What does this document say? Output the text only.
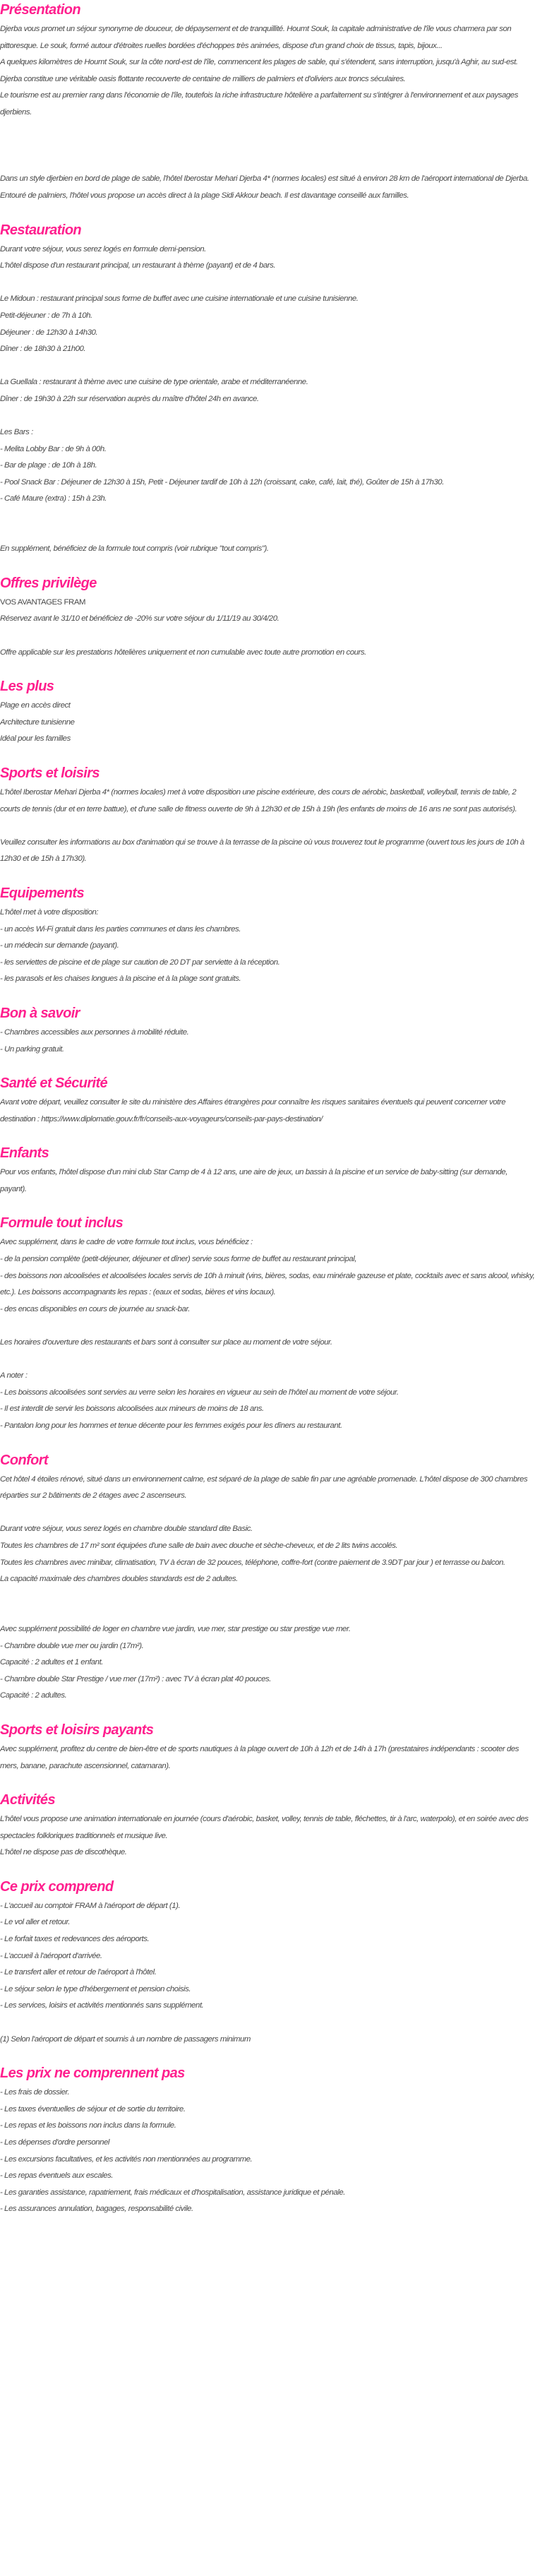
Présentation

Djerba vous promet un séjour synonyme de douceur, de dépaysement et de tranquillité. Houmt Souk, la capitale administrative de l'île vous charmera par son pittoresque. Le souk, formé autour d'étroites ruelles bordées d'échoppes très animées, dispose d'un grand choix de tissus, tapis, bijoux...

A quelques kilomètres de Houmt Souk, sur la côte nord-est de l'île, commencent les plages de sable, qui s'étendent, sans interruption, jusqu'à Aghir, au sud-est.

Djerba constitue une véritable oasis flottante recouverte de centaine de milliers de palmiers et d'oliviers aux troncs séculaires.

Le tourisme est au premier rang dans l'économie de l'île, toutefois la riche infrastructure hôtelière a parfaitement su s'intégrer à l'environnement et aux paysages djerbiens.

Dans un style djerbien en bord de plage de sable, l'hôtel Iberostar Mehari Djerba 4* (normes locales) est situé à environ 28 km de l'aéroport international de Djerba. Entouré de palmiers, l'hôtel vous propose un accès direct à la plage Sidi Akkour beach. Il est davantage conseillé aux familles.

Restauration

Durant votre séjour, vous serez logés en formule demi-pension.

L'hôtel dispose d'un restaurant principal, un restaurant à thème (payant) et de 4 bars.

Le Midoun : restaurant principal sous forme de buffet avec une cuisine internationale et une cuisine tunisienne.

Petit-déjeuner : de 7h à 10h.

Déjeuner : de 12h30 à 14h30.

Dîner : de 18h30 à 21h00.

La Guellala : restaurant à thème avec une cuisine de type orientale, arabe et méditerranéenne.

Dîner : de 19h30 à 22h sur réservation auprès du maître d'hôtel 24h en avance.

Les Bars :

- Melita Lobby Bar : de 9h à 00h.

- Bar de plage : de 10h à 18h.

- Pool Snack Bar : Déjeuner de 12h30 à 15h, Petit - Déjeuner tardif de 10h à 12h (croissant, cake, café, lait, thé), Goûter de 15h à 17h30.

- Café Maure (extra) : 15h à 23h.

En supplément, bénéficiez de la formule tout compris (voir rubrique "tout compris").

Offres privilège

VOS AVANTAGES FRAM

Réservez avant le 31/10 et bénéficiez de -20% sur votre séjour du 1/11/19 au 30/4/20.

Offre applicable sur les prestations hôtelières uniquement et non cumulable avec toute autre promotion en cours.

Les plus

Plage en accès direct

Architecture tunisienne

Idéal pour les familles

Sports et loisirs

L'hôtel Iberostar Mehari Djerba 4* (normes locales) met à votre disposition une piscine extérieure, des cours de aérobic, basketball, volleyball, tennis de table, 2 courts de tennis (dur et en terre battue), et d'une salle de fitness ouverte de 9h à 12h30 et de 15h à 19h (les enfants de moins de 16 ans ne sont pas autorisés).

Veuillez consulter les informations au box d'animation qui se trouve à la terrasse de la piscine où vous trouverez tout le programme (ouvert tous les jours de 10h à 12h30 et de 15h à 17h30).

Equipements

L'hôtel met à votre disposition:

- un accès Wi-Fi gratuit dans les parties communes et dans les chambres.

- un médecin sur demande (payant).

- les serviettes de piscine et de plage sur caution de 20 DT par serviette à la réception.

- les parasols et les chaises longues à la piscine et à la plage sont gratuits.

Bon à savoir

- Chambres accessibles aux personnes à mobilité réduite.

- Un parking gratuit.

Santé et Sécurité

Avant votre départ, veuillez consulter le site du ministère des Affaires étrangères pour connaître les risques sanitaires éventuels qui peuvent concerner votre destination : https://www.diplomatie.gouv.fr/fr/conseils-aux-voyageurs/conseils-par-pays-destination/

Enfants

Pour vos enfants, l'hôtel dispose d'un mini club Star Camp de 4 à 12 ans, une aire de jeux, un bassin à la piscine et un service de baby-sitting (sur demande, payant).

Formule tout inclus

Avec supplément, dans le cadre de votre formule tout inclus, vous bénéficiez :

- de la pension complète (petit-déjeuner, déjeuner et dîner) servie sous forme de buffet au restaurant principal,

- des boissons non alcoolisées et alcoolisées locales servis de 10h à minuit (vins, bières, sodas, eau minérale gazeuse et plate, cocktails avec et sans alcool, whisky, etc.). Les boissons accompagnants les repas : (eaux et sodas, bières et vins locaux).

- des encas disponibles en cours de journée au snack-bar.

Les horaires d'ouverture des restaurants et bars sont à consulter sur place au moment de votre séjour.

A noter :

- Les boissons alcoolisées sont servies au verre selon les horaires en vigueur au sein de l'hôtel au moment de votre séjour.

- Il est interdit de servir les boissons alcoolisées aux mineurs de moins de 18 ans.

- Pantalon long pour les hommes et tenue décente pour les femmes exigés pour les dîners au restaurant.

Confort

Cet hôtel 4 étoiles rénové, situé dans un environnement calme, est séparé de la plage de sable fin par une agréable promenade. L'hôtel dispose de 300 chambres réparties sur 2 bâtiments de 2 étages avec 2 ascenseurs.

Durant votre séjour, vous serez logés en chambre double standard dite Basic.

Toutes les chambres de 17 m² sont équipées d'une salle de bain avec douche et sèche-cheveux, et de 2 lits twins accolés.

Toutes les chambres avec minibar, climatisation, TV à écran de 32 pouces, téléphone, coffre-fort (contre paiement de 3.9DT par jour ) et terrasse ou balcon.

La capacité maximale des chambres doubles standards est de 2 adultes.

Avec supplément possibilité de loger en chambre vue jardin, vue mer, star prestige ou star prestige vue mer.

- Chambre double vue mer ou jardin (17m²).

Capacité : 2 adultes et 1 enfant.

- Chambre double Star Prestige / vue mer (17m²) : avec TV à écran plat 40 pouces.

Capacité : 2 adultes.

Sports et loisirs payants

Avec supplément, profitez du centre de bien-être et de sports nautiques à la plage ouvert de 10h à 12h et de 14h à 17h (prestataires indépendants : scooter des mers, banane, parachute ascensionnel, catamaran).

Activités

L'hôtel vous propose une animation internationale en journée (cours d'aérobic, basket, volley, tennis de table, fléchettes, tir à l'arc, waterpolo), et en soirée avec des spectacles folkloriques traditionnels et musique live.

L'hôtel ne dispose pas de discothèque.

Ce prix comprend

- L'accueil au comptoir FRAM à l'aéroport de départ (1).

- Le vol aller et retour.

- Le forfait taxes et redevances des aéroports.

- L'accueil à l'aéroport d'arrivée.

- Le transfert aller et retour de l'aéroport à l'hôtel.

- Le séjour selon le type d'hébergement et pension choisis.

- Les services, loisirs et activités mentionnés sans supplément.

(1) Selon l'aéroport de départ et soumis à un nombre de passagers minimum

Les prix ne comprennent pas

- Les frais de dossier.

- Les taxes éventuelles de séjour et de sortie du territoire.

- Les repas et les boissons non inclus dans la formule.

- Les dépenses d'ordre personnel

- Les excursions facultatives, et les activités non mentionnées au programme.

- Les repas éventuels aux escales.

- Les garanties assistance, rapatriement, frais médicaux et d'hospitalisation, assistance juridique et pénale.

- Les assurances annulation, bagages, responsabilité civile.
